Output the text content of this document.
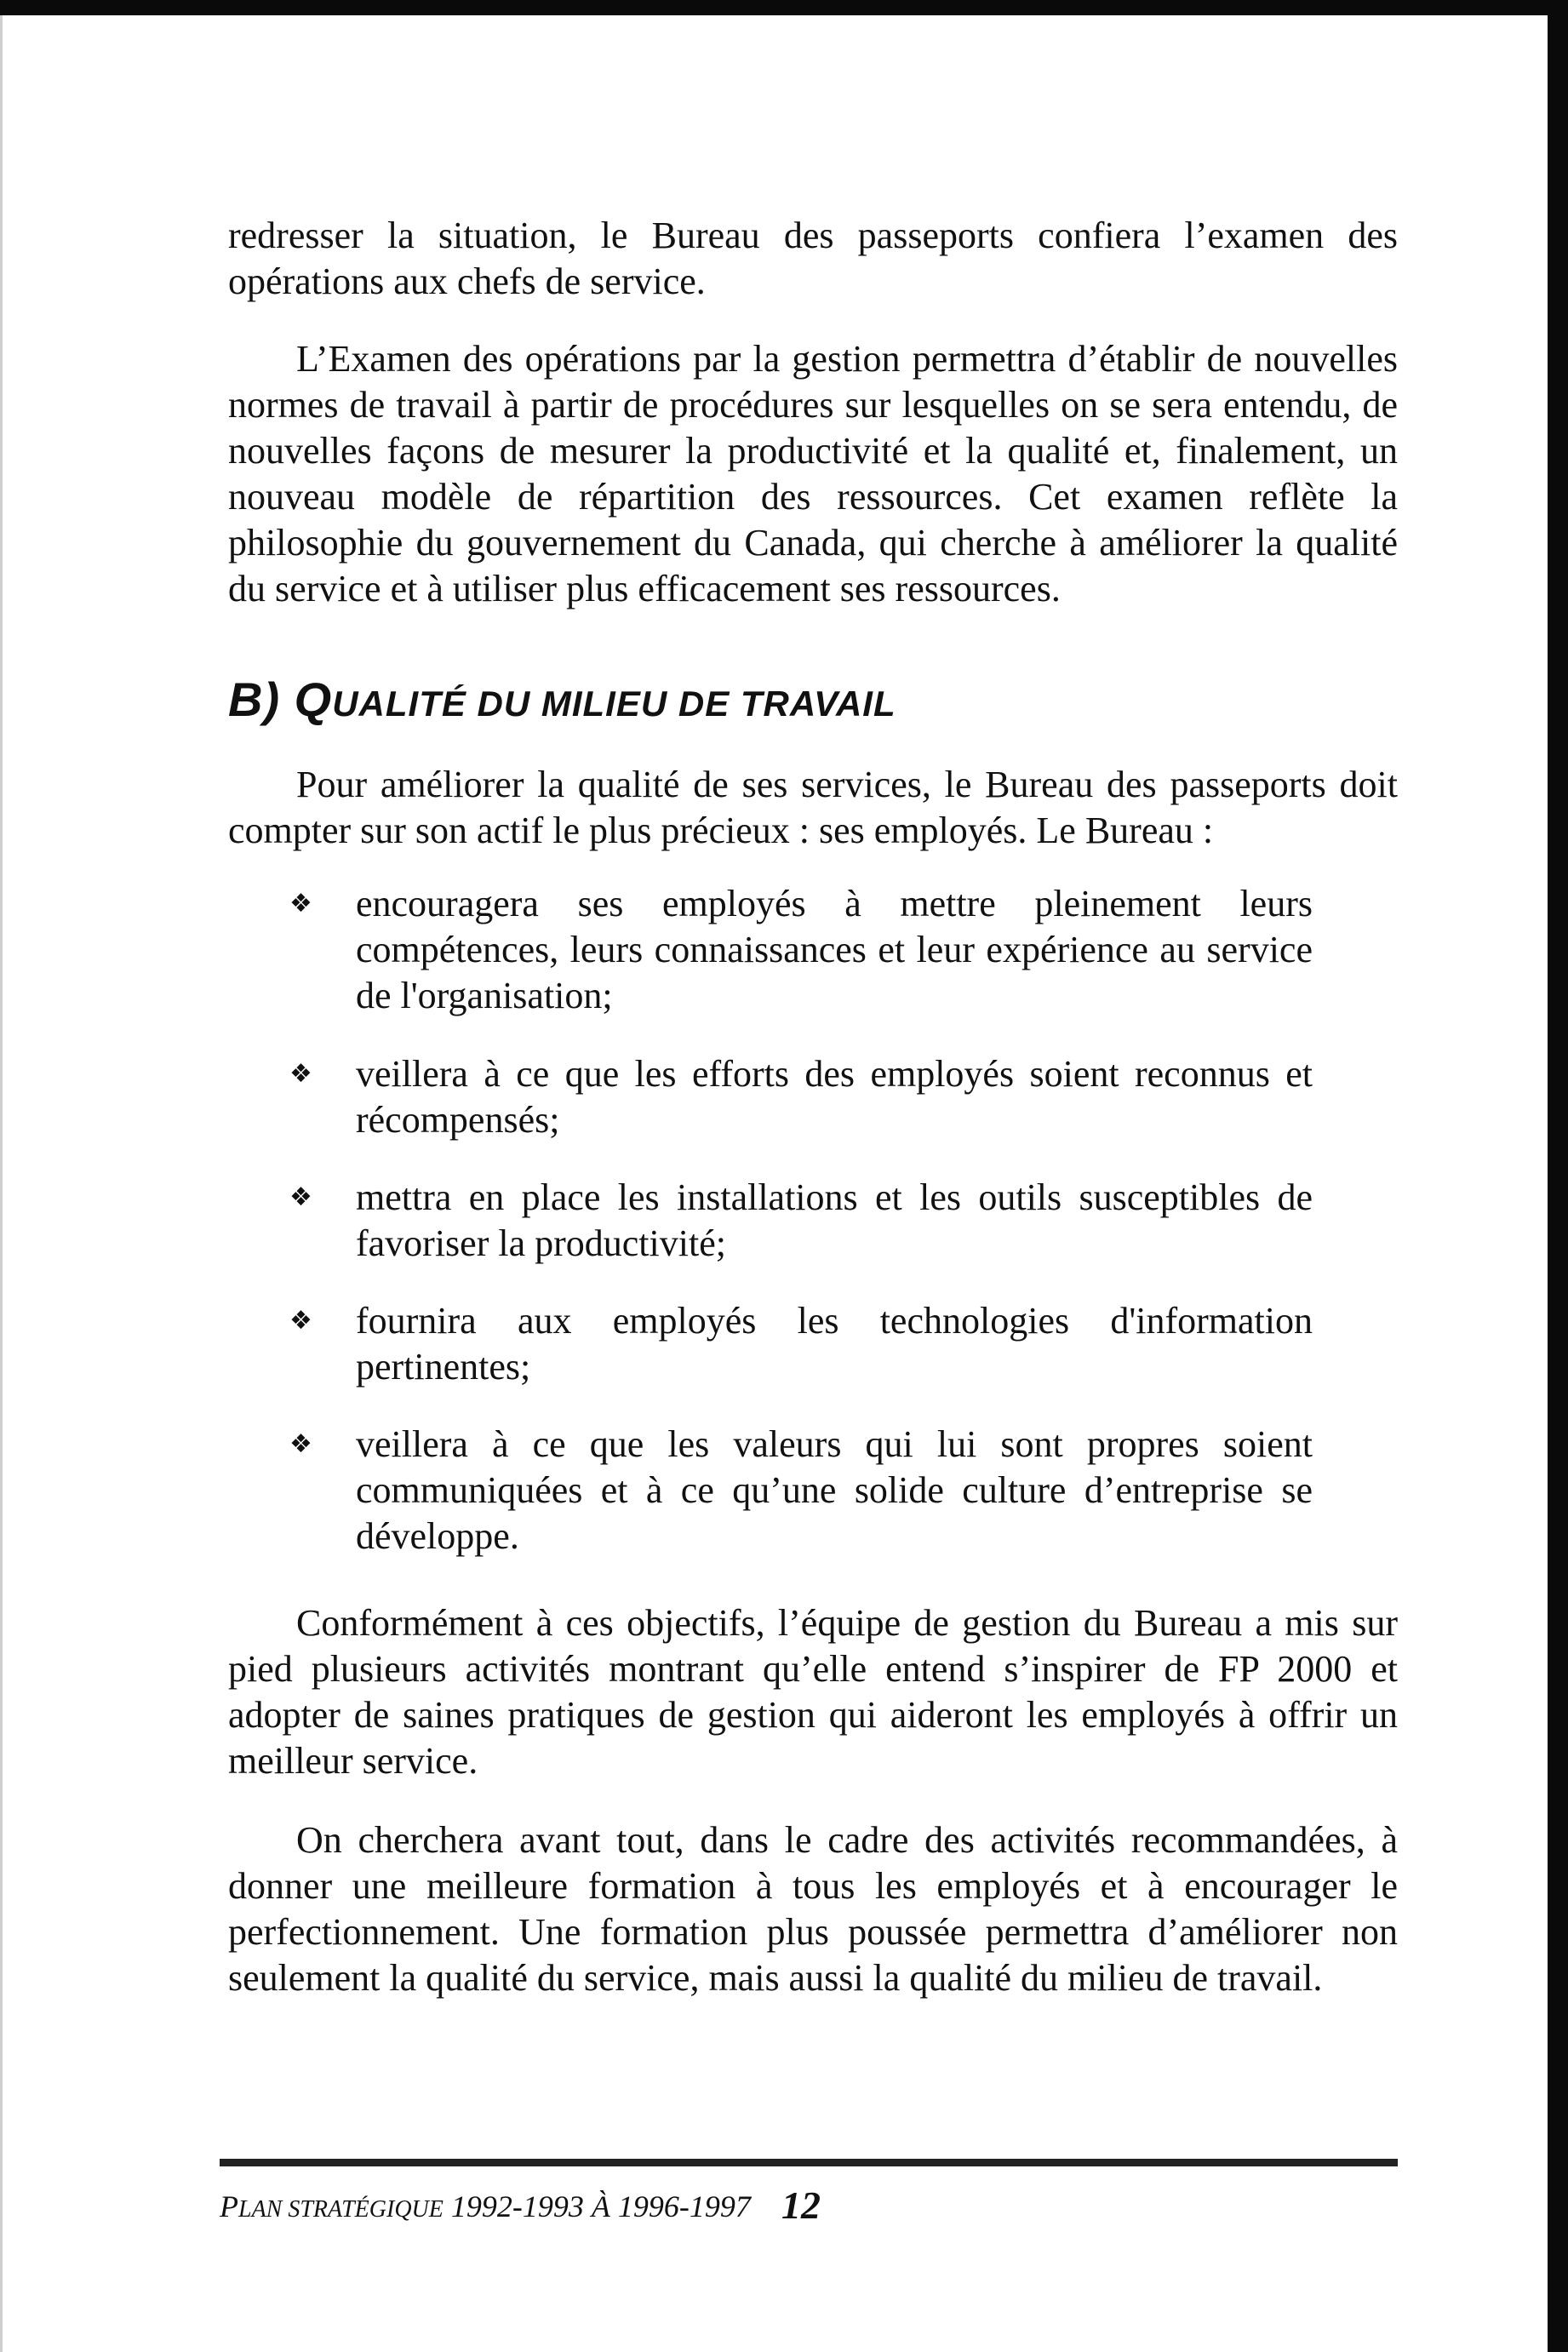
redresser la situation, le Bureau des passeports confiera l’examen des opérations aux chefs de service.

L’Examen des opérations par la gestion permettra d’établir de nouvelles normes de travail à partir de procédures sur lesquelles on se sera entendu, de nouvelles façons de mesurer la productivité et la qualité et, finalement, un nouveau modèle de répartition des ressources. Cet examen reflète la philosophie du gouvernement du Canada, qui cherche à améliorer la qualité du service et à utiliser plus efficacement ses ressources.

B) QUALITÉ DU MILIEU DE TRAVAIL

Pour améliorer la qualité de ses services, le Bureau des passeports doit compter sur son actif le plus précieux : ses employés. Le Bureau :

❖ encouragera ses employés à mettre pleinement leurs compétences, leurs connaissances et leur expérience au service de l'organisation;

❖ veillera à ce que les efforts des employés soient reconnus et récompensés;

❖ mettra en place les installations et les outils susceptibles de favoriser la productivité;

❖ fournira aux employés les technologies d'information pertinentes;

❖ veillera à ce que les valeurs qui lui sont propres soient communiquées et à ce qu’une solide culture d’entreprise se développe.

Conformément à ces objectifs, l’équipe de gestion du Bureau a mis sur pied plusieurs activités montrant qu’elle entend s’inspirer de FP 2000 et adopter de saines pratiques de gestion qui aideront les employés à offrir un meilleur service.

On cherchera avant tout, dans le cadre des activités recommandées, à donner une meilleure formation à tous les employés et à encourager le perfectionnement. Une formation plus poussée permettra d’améliorer non seulement la qualité du service, mais aussi la qualité du milieu de travail.

PLAN STRATÉGIQUE 1992-1993 À 1996-1997 12
